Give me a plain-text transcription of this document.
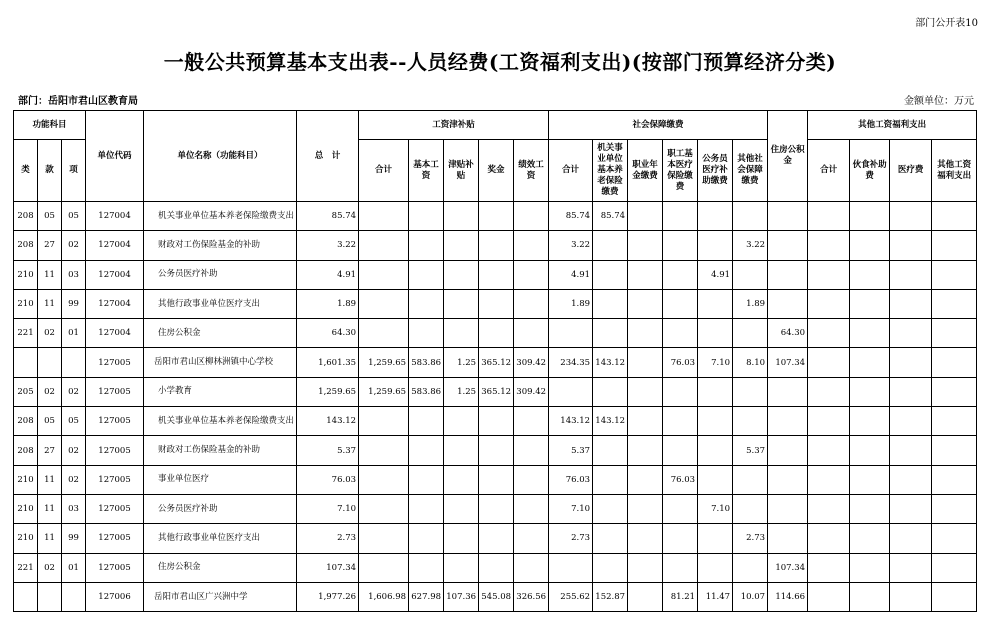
部门公开表10
一般公共预算基本支出表--人员经费(工资福利支出)(按部门预算经济分类)
部门：岳阳市君山区教育局	金额单位：万元
功能科目			单位代码	单位名称（功能科目）	总　计	工资津补贴					社会保障缴费						住房公积金	其他工资福利支出			
类	款	项				合计	基本工资	津贴补贴	奖金	绩效工资	合计	机关事业单位基本养老保险缴费	职业年金缴费	职工基本医疗保险缴费	公务员医疗补助缴费	其他社会保障缴费		合计	伙食补助费	医疗费	其他工资福利支出
208	05	05	127004	机关事业单位基本养老保险缴费支出	85.74						85.74	85.74									
208	27	02	127004	财政对工伤保险基金的补助	3.22						3.22					3.22					
210	11	03	127004	公务员医疗补助	4.91						4.91				4.91						
210	11	99	127004	其他行政事业单位医疗支出	1.89						1.89					1.89					
221	02	01	127004	住房公积金	64.30												64.30				
			127005	岳阳市君山区柳林洲镇中心学校	1,601.35	1,259.65	583.86	1.25	365.12	309.42	234.35	143.12		76.03	7.10	8.10	107.34				
205	02	02	127005	小学教育	1,259.65	1,259.65	583.86	1.25	365.12	309.42											
208	05	05	127005	机关事业单位基本养老保险缴费支出	143.12						143.12	143.12									
208	27	02	127005	财政对工伤保险基金的补助	5.37						5.37					5.37					
210	11	02	127005	事业单位医疗	76.03						76.03			76.03							
210	11	03	127005	公务员医疗补助	7.10						7.10				7.10						
210	11	99	127005	其他行政事业单位医疗支出	2.73						2.73					2.73					
221	02	01	127005	住房公积金	107.34												107.34				
			127006	岳阳市君山区广兴洲中学	1,977.26	1,606.98	627.98	107.36	545.08	326.56	255.62	152.87		81.21	11.47	10.07	114.66				
